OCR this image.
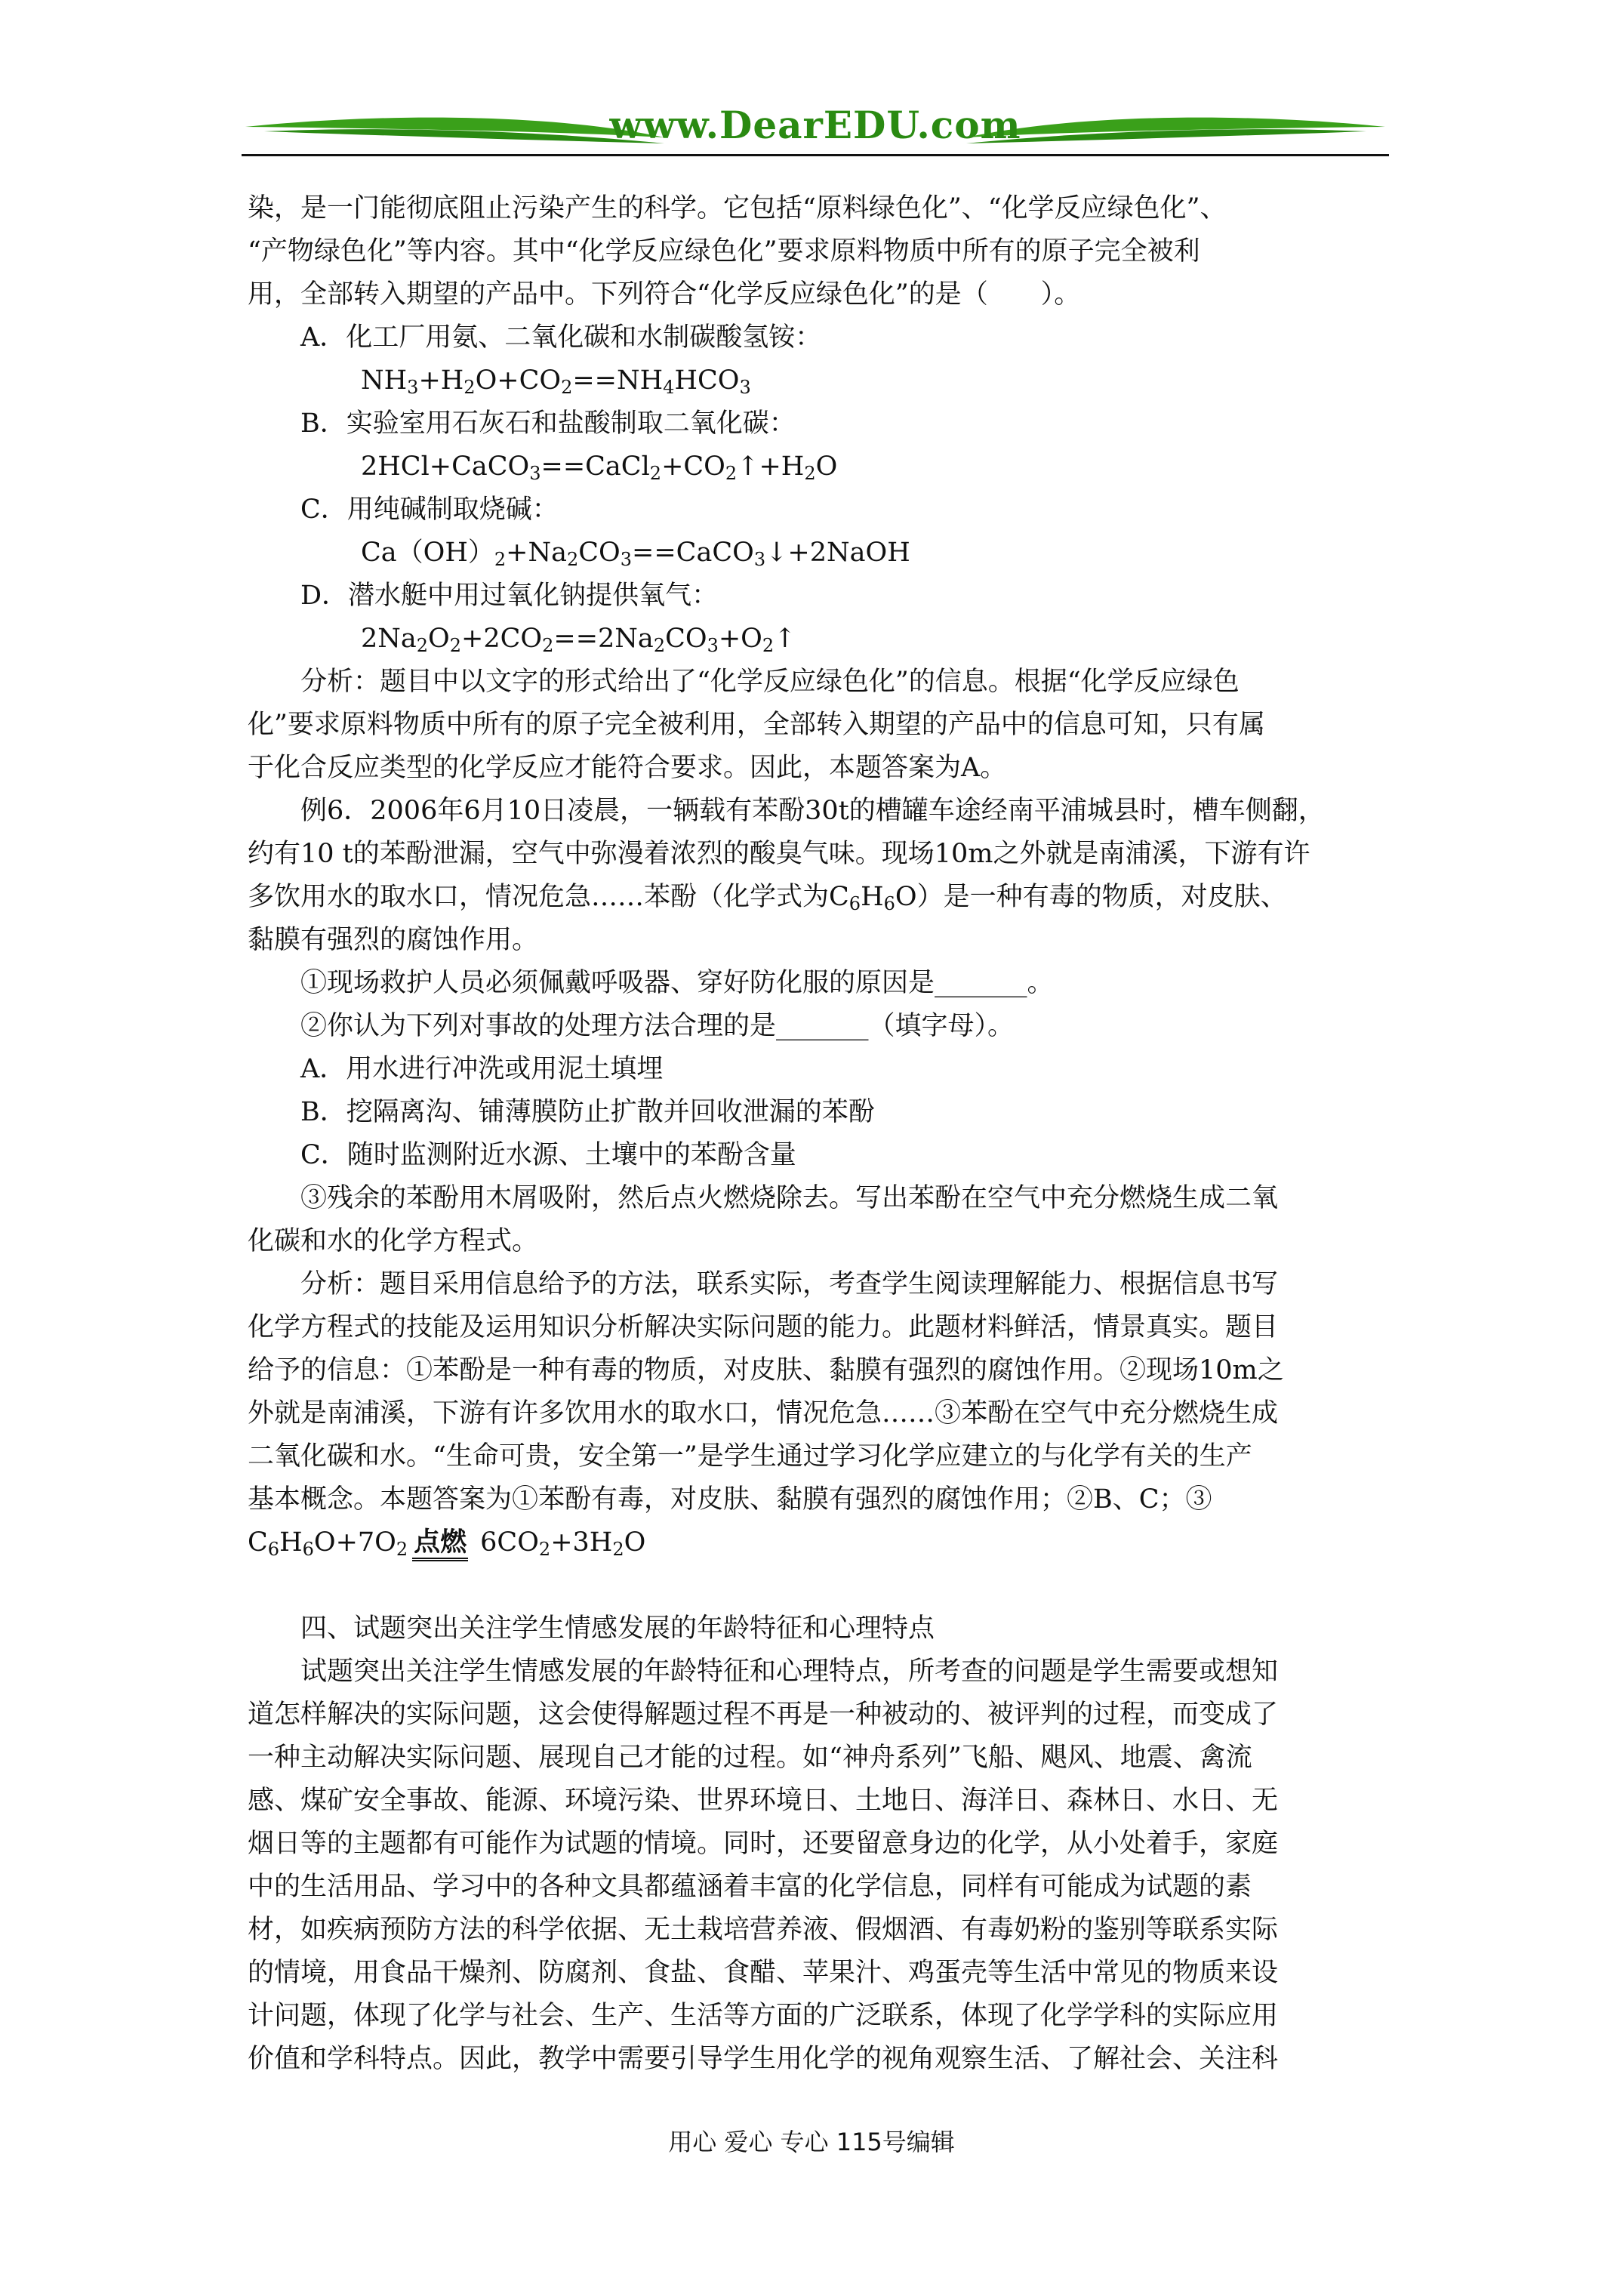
www.DearEDU.com

染，是一门能彻底阻止污染产生的科学。它包括“原料绿色化”、“化学反应绿色化”、

“产物绿色化”等内容。其中“化学反应绿色化”要求原料物质中所有的原子完全被利

用，全部转入期望的产品中。下列符合“化学反应绿色化”的是（　　）。

A．化工厂用氨、二氧化碳和水制碳酸氢铵：

$NH_3+H_2O+CO_2==NH_4HCO_3$

B．实验室用石灰石和盐酸制取二氧化碳：

$2HCl+CaCO_3==CaCl_2+CO_2↑+H_2O$

C．用纯碱制取烧碱：

$Ca(OH)_2+Na_2CO_3==CaCO_3↓+2NaOH$

D．潜水艇中用过氧化钠提供氧气：

$2Na_2O_2+2CO_2==2Na_2CO_3+O_2↑$

分析：题目中以文字的形式给出了“化学反应绿色化”的信息。根据“化学反应绿色

化”要求原料物质中所有的原子完全被利用，全部转入期望的产品中的信息可知，只有属

于化合反应类型的化学反应才能符合要求。因此，本题答案为A。

例6．2006年6月10日凌晨，一辆载有苯酚30t的槽罐车途经南平浦城县时，槽车侧翻，

约有10 t的苯酚泄漏，空气中弥漫着浓烈的酸臭气味。现场10m之外就是南浦溪，下游有许

多饮用水的取水口，情况危急……苯酚（化学式为$C_6H_6O$）是一种有毒的物质，对皮肤、

黏膜有强烈的腐蚀作用。

①现场救护人员必须佩戴呼吸器、穿好防化服的原因是_______。

②你认为下列对事故的处理方法合理的是_______（填字母）。

A．用水进行冲洗或用泥土填埋

B．挖隔离沟、铺薄膜防止扩散并回收泄漏的苯酚

C．随时监测附近水源、土壤中的苯酚含量

③残余的苯酚用木屑吸附，然后点火燃烧除去。写出苯酚在空气中充分燃烧生成二氧

化碳和水的化学方程式。

分析：题目采用信息给予的方法，联系实际，考查学生阅读理解能力、根据信息书写

化学方程式的技能及运用知识分析解决实际问题的能力。此题材料鲜活，情景真实。题目

给予的信息：①苯酚是一种有毒的物质，对皮肤、黏膜有强烈的腐蚀作用。②现场10m之

外就是南浦溪，下游有许多饮用水的取水口，情况危急……③苯酚在空气中充分燃烧生成

二氧化碳和水。“生命可贵，安全第一”是学生通过学习化学应建立的与化学有关的生产

基本概念。本题答案为①苯酚有毒，对皮肤、黏膜有强烈的腐蚀作用；②B、C；③

$C_6H_6O+7O_2$ 点燃 $6CO_2+3H_2O$

四、试题突出关注学生情感发展的年龄特征和心理特点

试题突出关注学生情感发展的年龄特征和心理特点，所考查的问题是学生需要或想知

道怎样解决的实际问题，这会使得解题过程不再是一种被动的、被评判的过程，而变成了

一种主动解决实际问题、展现自己才能的过程。如“神舟系列”飞船、飓风、地震、禽流

感、煤矿安全事故、能源、环境污染、世界环境日、土地日、海洋日、森林日、水日、无

烟日等的主题都有可能作为试题的情境。同时，还要留意身边的化学，从小处着手，家庭

中的生活用品、学习中的各种文具都蕴涵着丰富的化学信息，同样有可能成为试题的素

材，如疾病预防方法的科学依据、无土栽培营养液、假烟酒、有毒奶粉的鉴别等联系实际

的情境，用食品干燥剂、防腐剂、食盐、食醋、苹果汁、鸡蛋壳等生活中常见的物质来设

计问题，体现了化学与社会、生产、生活等方面的广泛联系，体现了化学学科的实际应用

价值和学科特点。因此，教学中需要引导学生用化学的视角观察生活、了解社会、关注科

用心 爱心 专心 115号编辑
